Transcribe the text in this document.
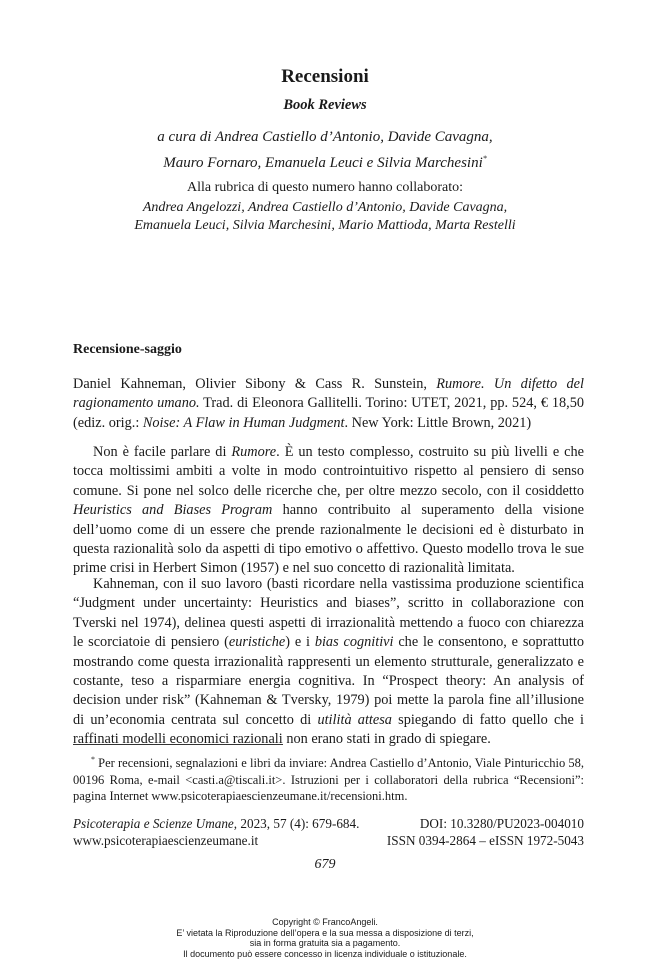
Recensioni
Book Reviews
a cura di Andrea Castiello d’Antonio, Davide Cavagna,
Mauro Fornaro, Emanuela Leuci e Silvia Marchesini*
Alla rubrica di questo numero hanno collaborato:
Andrea Angelozzi, Andrea Castiello d’Antonio, Davide Cavagna,
Emanuela Leuci, Silvia Marchesini, Mario Mattioda, Marta Restelli
Recensione-saggio
Daniel Kahneman, Olivier Sibony & Cass R. Sunstein, Rumore. Un difetto del ragionamento umano. Trad. di Eleonora Gallitelli. Torino: UTET, 2021, pp. 524, € 18,50 (ediz. orig.: Noise: A Flaw in Human Judgment. New York: Little Brown, 2021)
Non è facile parlare di Rumore. È un testo complesso, costruito su più livelli e che tocca moltissimi ambiti a volte in modo controintuitivo rispetto al pensiero di senso comune. Si pone nel solco delle ricerche che, per oltre mezzo secolo, con il cosiddetto Heuristics and Biases Program hanno contribuito al superamento della visione dell’uomo come di un essere che prende razionalmente le decisioni ed è disturbato in questa razionalità solo da aspetti di tipo emotivo o affettivo. Questo modello trova le sue prime crisi in Herbert Simon (1957) e nel suo concetto di razionalità limitata.
Kahneman, con il suo lavoro (basti ricordare nella vastissima produzione scientifica “Judgment under uncertainty: Heuristics and biases”, scritto in collaborazione con Tverski nel 1974), delinea questi aspetti di irrazionalità mettendo a fuoco con chiarezza le scorciatoie di pensiero (euristiche) e i bias cognitivi che le consentono, e soprattutto mostrando come questa irrazionalità rappresenti un elemento strutturale, generalizzato e costante, teso a risparmiare energia cognitiva. In “Prospect theory: An analysis of decision under risk” (Kahneman & Tversky, 1979) poi mette la parola fine all’illusione di un’economia centrata sul concetto di utilità attesa spiegando di fatto quello che i raffinati modelli economici razionali non erano stati in grado di spiegare.
* Per recensioni, segnalazioni e libri da inviare: Andrea Castiello d’Antonio, Viale Pinturicchio 58, 00196 Roma, e-mail <casti.a@tiscali.it>. Istruzioni per i collaboratori della rubrica “Recensioni”: pagina Internet www.psicoterapiaescienzeumane.it/recensioni.htm.
Psicoterapia e Scienze Umane, 2023, 57 (4): 679-684.	DOI: 10.3280/PU2023-004010
www.psicoterapiaescienzeumane.it	ISSN 0394-2864 – eISSN 1972-5043
679
Copyright © FrancoAngeli.
E’ vietata la Riproduzione dell’opera e la sua messa a disposizione di terzi,
sia in forma gratuita sia a pagamento.
Il documento può essere concesso in licenza individuale o istituzionale.
